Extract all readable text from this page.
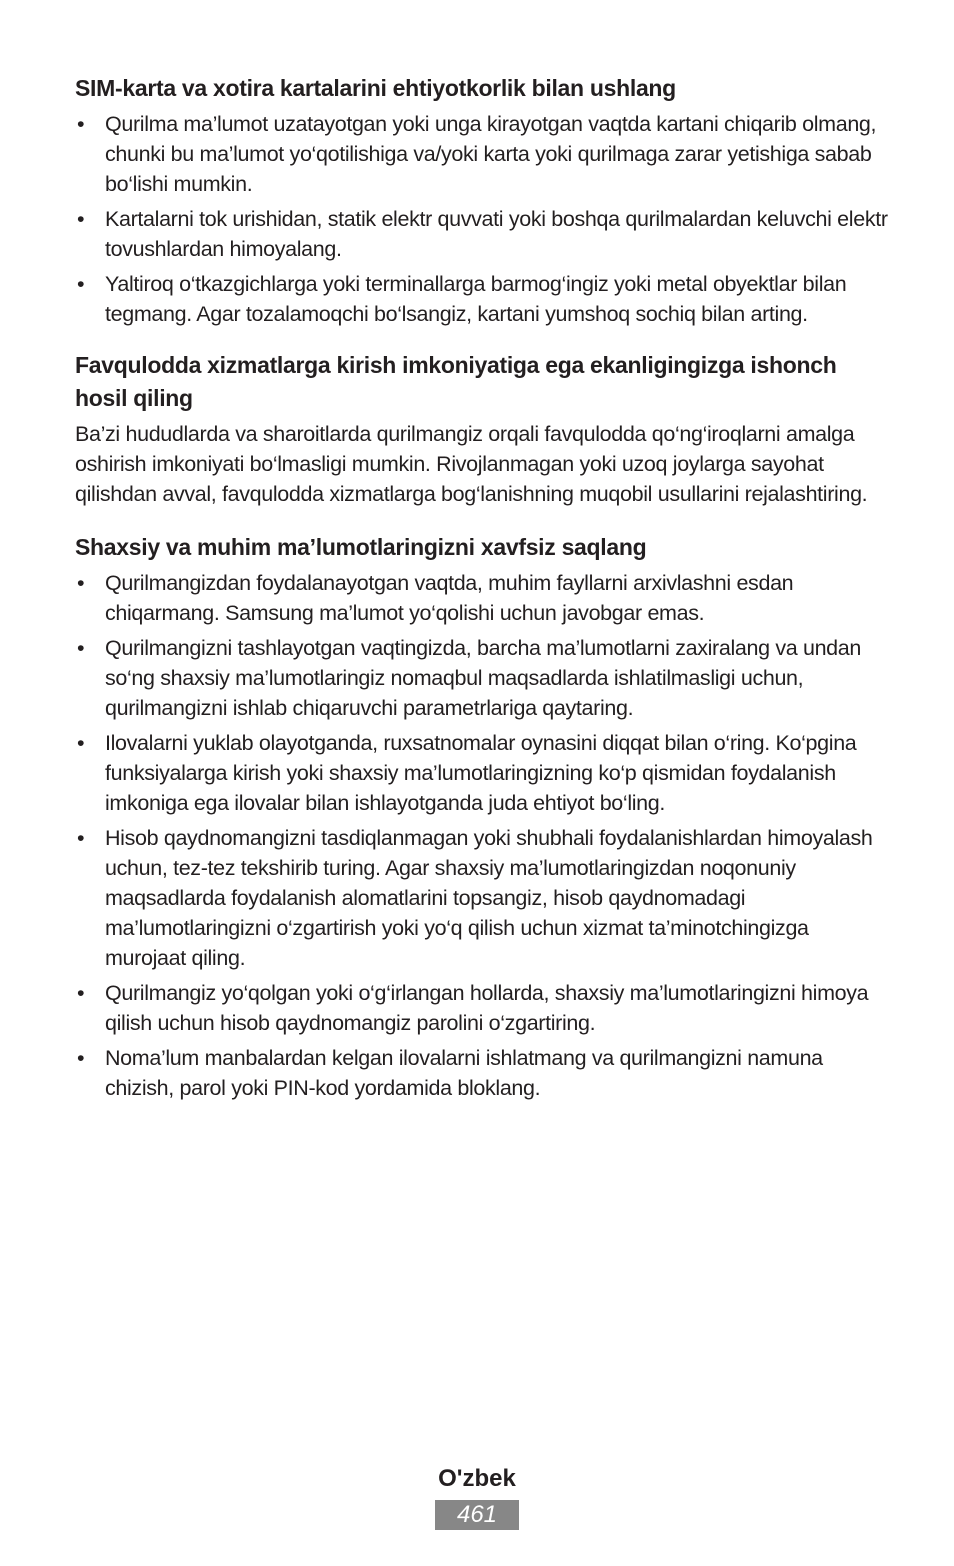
SIM-karta va xotira kartalarini ehtiyotkorlik bilan ushlang
• Qurilma ma’lumot uzatayotgan yoki unga kirayotgan vaqtda kartani chiqarib olmang, chunki bu ma’lumot yo‘qotilishiga va/yoki karta yoki qurilmaga zarar yetishiga sabab bo‘lishi mumkin.
• Kartalarni tok urishidan, statik elektr quvvati yoki boshqa qurilmalardan keluvchi elektr tovushlardan himoyalang.
• Yaltiroq o‘tkazgichlarga yoki terminallarga barmog‘ingiz yoki metal obyektlar bilan tegmang. Agar tozalamoqchi bo‘lsangiz, kartani yumshoq sochiq bilan arting.
Favqulodda xizmatlarga kirish imkoniyatiga ega ekanligingizga ishonch hosil qiling

Ba’zi hududlarda va sharoitlarda qurilmangiz orqali favqulodda qo‘ng‘iroqlarni amalga oshirish imkoniyati bo‘lmasligi mumkin. Rivojlanmagan yoki uzoq joylarga sayohat qilishdan avval, favqulodda xizmatlarga bog‘lanishning muqobil usullarini rejalashtiring.

Shaxsiy va muhim ma’lumotlaringizni xavfsiz saqlang
• Qurilmangizdan foydalanayotgan vaqtda, muhim fayllarni arxivlashni esdan chiqarmang. Samsung ma’lumot yo‘qolishi uchun javobgar emas.
• Qurilmangizni tashlayotgan vaqtingizda, barcha ma’lumotlarni zaxiralang va undan so‘ng shaxsiy ma’lumotlaringiz nomaqbul maqsadlarda ishlatilmasligi uchun, qurilmangizni ishlab chiqaruvchi parametrlariga qaytaring.
• Ilovalarni yuklab olayotganda, ruxsatnomalar oynasini diqqat bilan o‘ring. Ko‘pgina funksiyalarga kirish yoki shaxsiy ma’lumotlaringizning ko‘p qismidan foydalanish imkoniga ega ilovalar bilan ishlayotganda juda ehtiyot bo‘ling.
• Hisob qaydnomangizni tasdiqlanmagan yoki shubhali foydalanishlardan himoyalash uchun, tez-tez tekshirib turing. Agar shaxsiy ma’lumotlaringizdan noqonuniy maqsadlarda foydalanish alomatlarini topsangiz, hisob qaydnomadagi ma’lumotlaringizni o‘zgartirish yoki yo‘q qilish uchun xizmat ta’minotchingizga murojaat qiling.
• Qurilmangiz yo‘qolgan yoki o‘g‘irlangan hollarda, shaxsiy ma’lumotlaringizni himoya qilish uchun hisob qaydnomangiz parolini o‘zgartiring.
• Noma’lum manbalardan kelgan ilovalarni ishlatmang va qurilmangizni namuna chizish, parol yoki PIN-kod yordamida bloklang.
O'zbek
461
